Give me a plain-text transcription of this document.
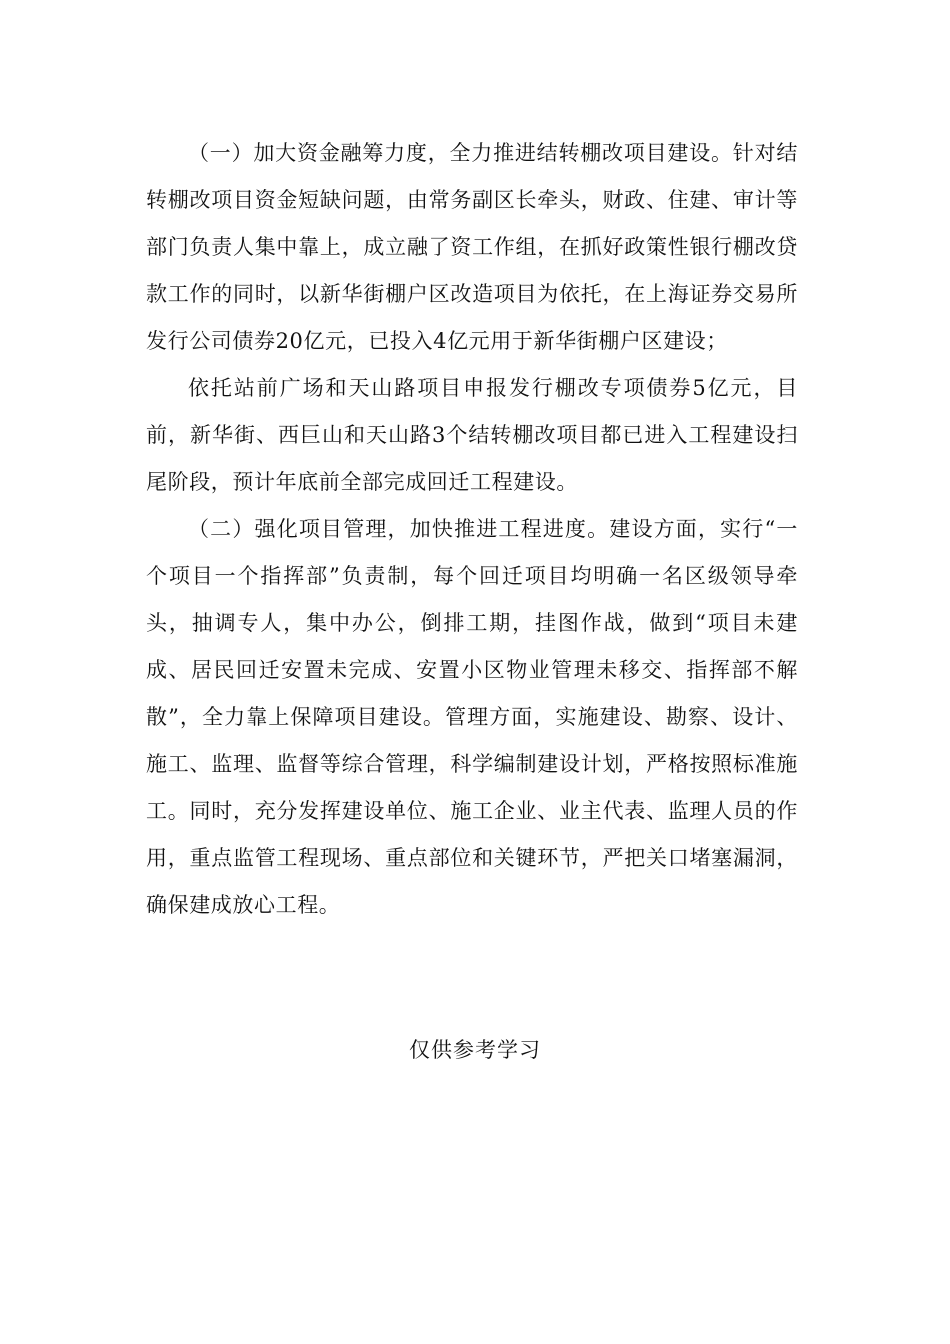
（一）加大资金融筹力度，全力推进结转棚改项目建设。针对结转棚改项目资金短缺问题，由常务副区长牵头，财政、住建、审计等部门负责人集中靠上，成立融了资工作组，在抓好政策性银行棚改贷款工作的同时，以新华街棚户区改造项目为依托，在上海证券交易所发行公司债券20亿元，已投入4亿元用于新华街棚户区建设；

依托站前广场和天山路项目申报发行棚改专项债券5亿元，目前，新华街、西巨山和天山路3个结转棚改项目都已进入工程建设扫尾阶段，预计年底前全部完成回迁工程建设。

（二）强化项目管理，加快推进工程进度。建设方面，实行“一个项目一个指挥部”负责制，每个回迁项目均明确一名区级领导牵头，抽调专人，集中办公，倒排工期，挂图作战，做到“项目未建成、居民回迁安置未完成、安置小区物业管理未移交、指挥部不解散”，全力靠上保障项目建设。管理方面，实施建设、勘察、设计、施工、监理、监督等综合管理，科学编制建设计划，严格按照标准施工。同时，充分发挥建设单位、施工企业、业主代表、监理人员的作用，重点监管工程现场、重点部位和关键环节，严把关口堵塞漏洞，确保建成放心工程。

仅供参考学习
